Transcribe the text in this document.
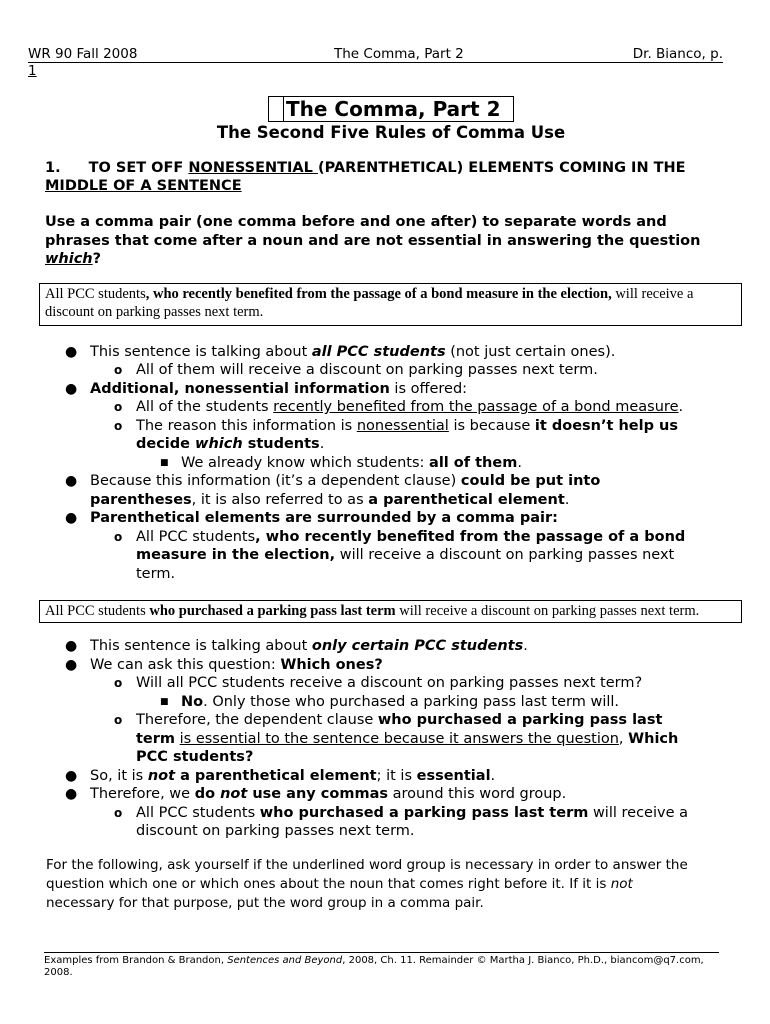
WR 90 Fall 2008	The Comma, Part 2	Dr. Bianco, p.
1
The Comma, Part 2
The Second Five Rules of Comma Use
1. TO SET OFF NONESSENTIAL (PARENTHETICAL) ELEMENTS COMING IN THE
MIDDLE OF A SENTENCE
Use a comma pair (one comma before and one after) to separate words and
phrases that come after a noun and are not essential in answering the question
which?
All PCC students, who recently benefited from the passage of a bond measure in the election, will receive a
discount on parking passes next term.
● This sentence is talking about all PCC students (not just certain ones).
o All of them will receive a discount on parking passes next term.
● Additional, nonessential information is offered:
o All of the students recently benefited from the passage of a bond measure.
o The reason this information is nonessential is because it doesn’t help us
decide which students.
■ We already know which students: all of them.
● Because this information (it’s a dependent clause) could be put into
parentheses, it is also referred to as a parenthetical element.
● Parenthetical elements are surrounded by a comma pair:
o All PCC students, who recently benefited from the passage of a bond
measure in the election, will receive a discount on parking passes next
term.
All PCC students who purchased a parking pass last term will receive a discount on parking passes next term.
● This sentence is talking about only certain PCC students.
● We can ask this question: Which ones?
o Will all PCC students receive a discount on parking passes next term?
■ No. Only those who purchased a parking pass last term will.
o Therefore, the dependent clause who purchased a parking pass last
term is essential to the sentence because it answers the question, Which
PCC students?
● So, it is not a parenthetical element; it is essential.
● Therefore, we do not use any commas around this word group.
o All PCC students who purchased a parking pass last term will receive a
discount on parking passes next term.
For the following, ask yourself if the underlined word group is necessary in order to answer the
question which one or which ones about the noun that comes right before it. If it is not
necessary for that purpose, put the word group in a comma pair.
Examples from Brandon & Brandon, Sentences and Beyond, 2008, Ch. 11. Remainder © Martha J. Bianco, Ph.D., biancom@q7.com,
2008.
